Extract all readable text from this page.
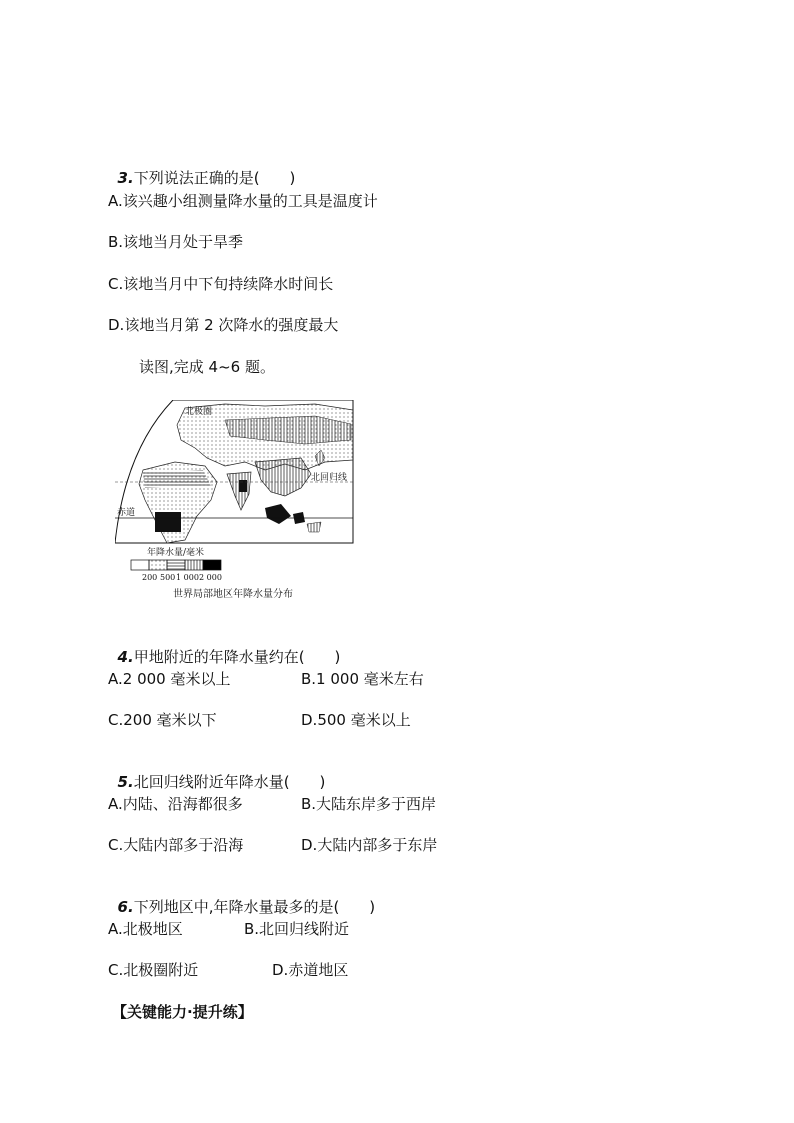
3.下列说法正确的是(　　)

A.该兴趣小组测量降水量的工具是温度计
B.该地当月处于旱季
C.该地当月中下旬持续降水时间长
D.该地当月第 2 次降水的强度最大
读图,完成 4~6 题。
北极圈
北回归线
赤道
年降水量/毫米
200 500 1 000 2 000
世界局部地区年降水量分布

4.甲地附近的年降水量约在(　　)

A.2 000 毫米以上	B.1 000 毫米左右
C.200 毫米以下	D.500 毫米以上

5.北回归线附近年降水量(　　)

A.内陆、沿海都很多	B.大陆东岸多于西岸
C.大陆内部多于沿海	D.大陆内部多于东岸

6.下列地区中,年降水量最多的是(　　)

A.北极地区	B.北回归线附近
C.北极圈附近	D.赤道地区
【关键能力·提升练】
